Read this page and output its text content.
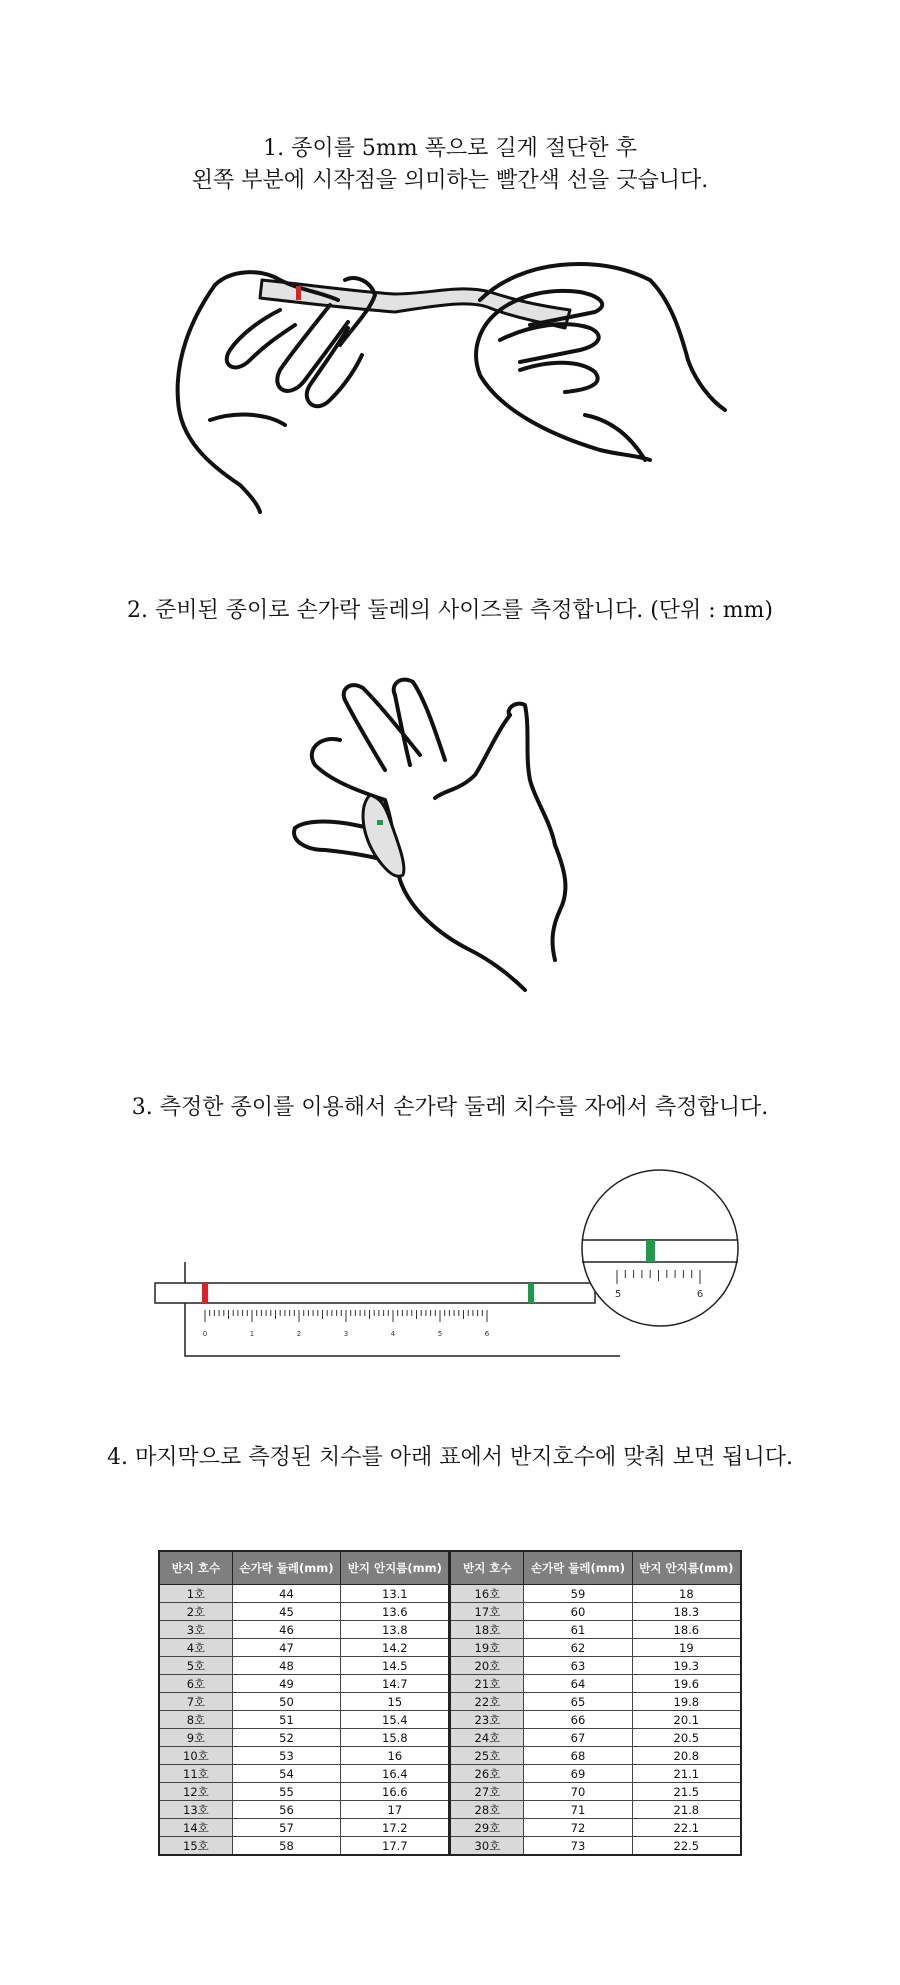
1. 종이를 5mm 폭으로 길게 절단한 후
왼쪽 부분에 시작점을 의미하는 빨간색 선을 긋습니다.
2. 준비된 종이로 손가락 둘레의 사이즈를 측정합니다. (단위 : mm)
3. 측정한 종이를 이용해서 손가락 둘레 치수를 자에서 측정합니다.
0	1	2	3	4	5	6
5	6
4. 마지막으로 측정된 치수를 아래 표에서 반지호수에 맞춰 보면 됩니다.
반지 호수	손가락 둘레(mm)	반지 안지름(mm)	반지 호수	손가락 둘레(mm)	반지 안지름(mm)
1호	44	13.1	16호	59	18
2호	45	13.6	17호	60	18.3
3호	46	13.8	18호	61	18.6
4호	47	14.2	19호	62	19
5호	48	14.5	20호	63	19.3
6호	49	14.7	21호	64	19.6
7호	50	15	22호	65	19.8
8호	51	15.4	23호	66	20.1
9호	52	15.8	24호	67	20.5
10호	53	16	25호	68	20.8
11호	54	16.4	26호	69	21.1
12호	55	16.6	27호	70	21.5
13호	56	17	28호	71	21.8
14호	57	17.2	29호	72	22.1
15호	58	17.7	30호	73	22.5
